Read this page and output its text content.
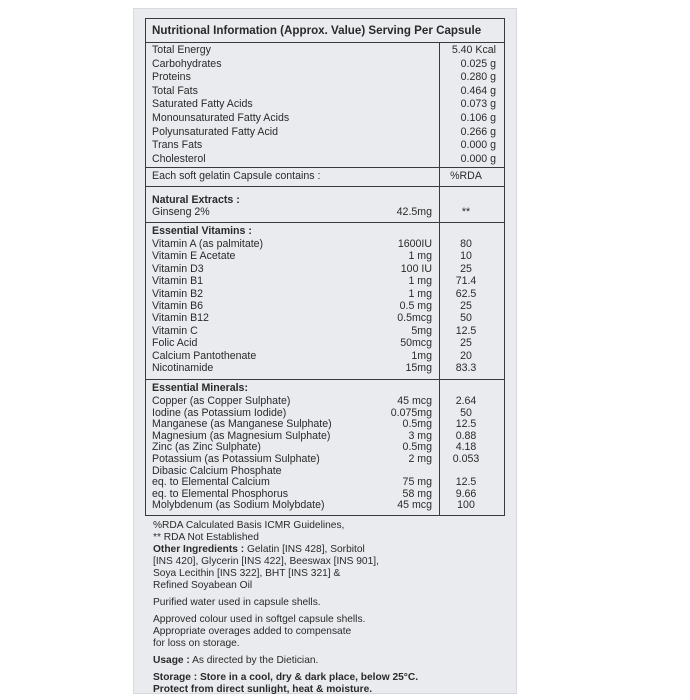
Nutritional Information (Approx. Value) Serving Per Capsule
Total Energy	5.40 Kcal
Carbohydrates	0.025 g
Proteins	0.280 g
Total Fats	0.464 g
Saturated Fatty Acids	0.073 g
Monounsaturated Fatty Acids	0.106 g
Polyunsaturated Fatty Acid	0.266 g
Trans Fats	0.000 g
Cholesterol	0.000 g
Each soft gelatin Capsule contains :	%RDA
Natural Extracts :
Ginseng 2%	42.5mg	**
Essential Vitamins :
Vitamin A (as palmitate)	1600IU	80
Vitamin E Acetate	1 mg	10
Vitamin D3	100 IU	25
Vitamin B1	1 mg	71.4
Vitamin B2	1 mg	62.5
Vitamin B6	0.5 mg	25
Vitamin B12	0.5mcg	50
Vitamin C	5mg	12.5
Folic Acid	50mcg	25
Calcium Pantothenate	1mg	20
Nicotinamide	15mg	83.3
Essential Minerals:
Copper (as Copper Sulphate)	45 mcg	2.64
Iodine (as Potassium Iodide)	0.075mg	50
Manganese (as Manganese Sulphate)	0.5mg	12.5
Magnesium (as Magnesium Sulphate)	3 mg	0.88
Zinc (as Zinc Sulphate)	0.5mg	4.18
Potassium (as Potassium Sulphate)	2 mg	0.053
Dibasic Calcium Phosphate
eq. to Elemental Calcium	75 mg	12.5
eq. to Elemental Phosphorus	58 mg	9.66
Molybdenum (as Sodium Molybdate)	45 mcg	100
%RDA Calculated Basis ICMR Guidelines,
** RDA Not Established
Other Ingredients : Gelatin [INS 428], Sorbitol
[INS 420], Glycerin [INS 422], Beeswax [INS 901],
Soya Lecithin [INS 322], BHT [INS 321] &
Refined Soyabean Oil
Purified water used in capsule shells.
Approved colour used in softgel capsule shells.
Appropriate overages added to compensate
for loss on storage.
Usage : As directed by the Dietician.
Storage : Store in a cool, dry & dark place, below 25°C.
Protect from direct sunlight, heat & moisture.
